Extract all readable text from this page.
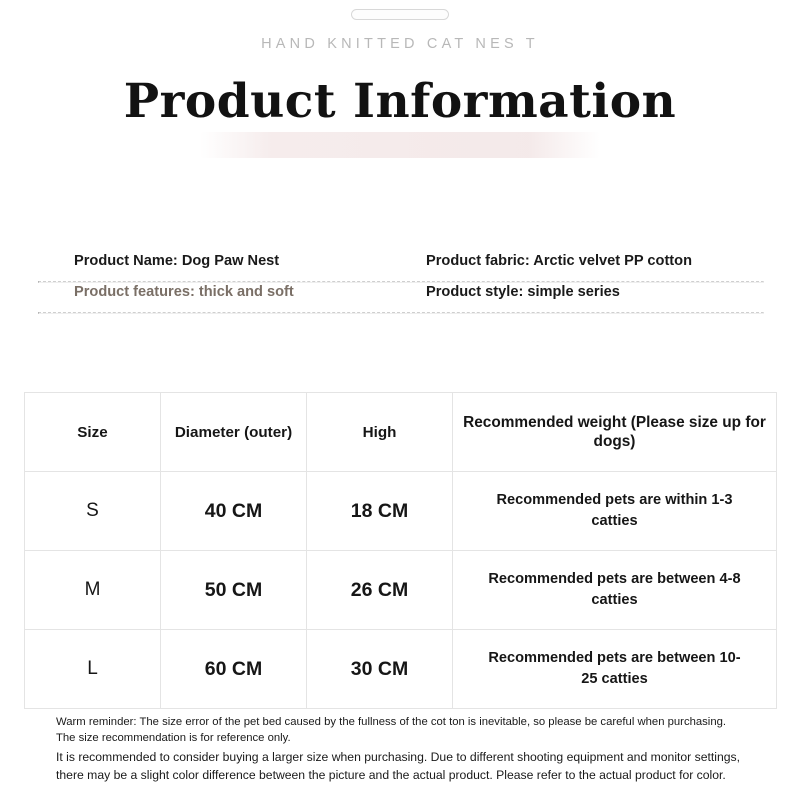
HAND KNITTED CAT NES T
Product Information
Product Name: Dog Paw Nest	Product fabric: Arctic velvet PP cotton
Product features: thick and soft	Product style: simple series
Size	Diameter (outer)	High	Recommended weight (Please size up for dogs)
S	40 CM	18 CM	Recommended pets are within 1-3 catties
M	50 CM	26 CM	Recommended pets are between 4-8 catties
L	60 CM	30 CM	Recommended pets are between 10-25 catties

Warm reminder: The size error of the pet bed caused by the fullness of the cot ton is inevitable, so please be careful when purchasing. The size recommendation is for reference only.

It is recommended to consider buying a larger size when purchasing. Due to different shooting equipment and monitor settings, there may be a slight color difference between the picture and the actual product. Please refer to the actual product for color.
